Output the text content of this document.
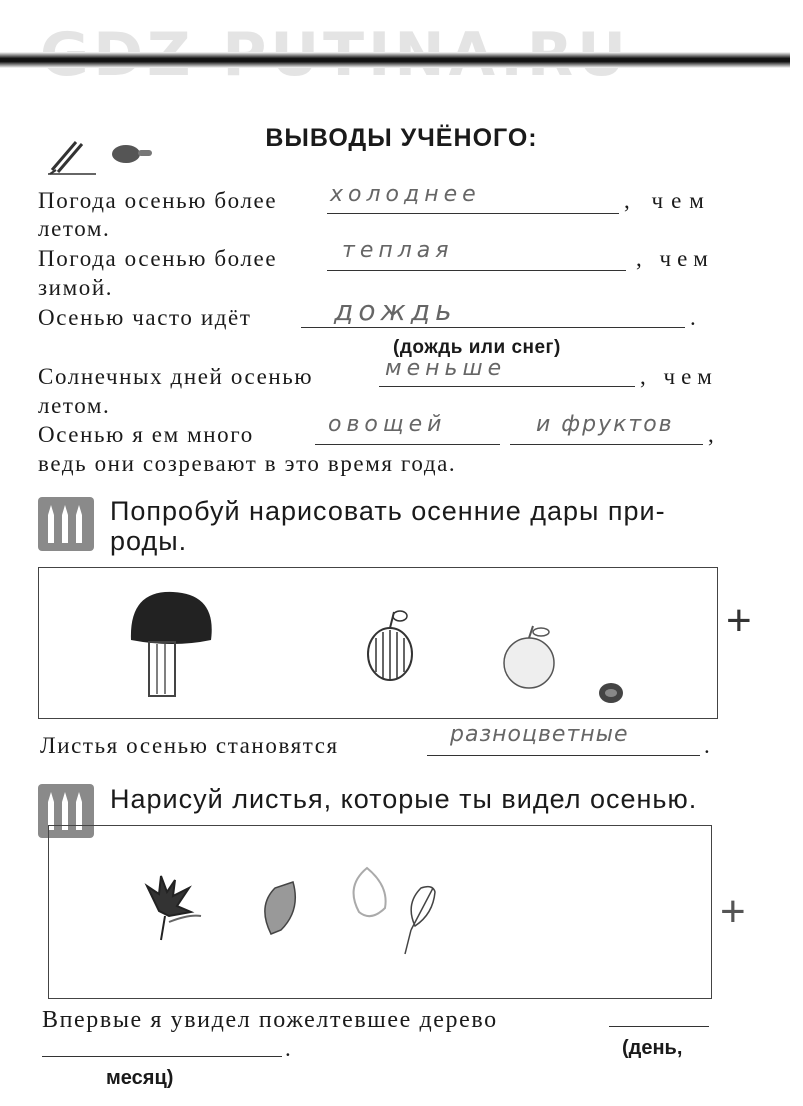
ВЫВОДЫ УЧЁНОГО:
Погода осенью более холоднее	, чем
летом.
Погода осенью более	теплая	, чем
зимой.
Осенью часто идёт	дождь	.
(дождь или снег)
Солнечных дней осенью	меньше	, чем
летом.
Осенью я ем много	овощей	и фруктов ,
ведь они созревают в это время года.
Попробуй нарисовать осенние дары при-
роды.
Листья осенью становятся	разноцветные	.
Нарисуй листья, которые ты видел осенью.
Впервые я увидел пожелтевшее дерево
.	(день,
месяц)
+
+
